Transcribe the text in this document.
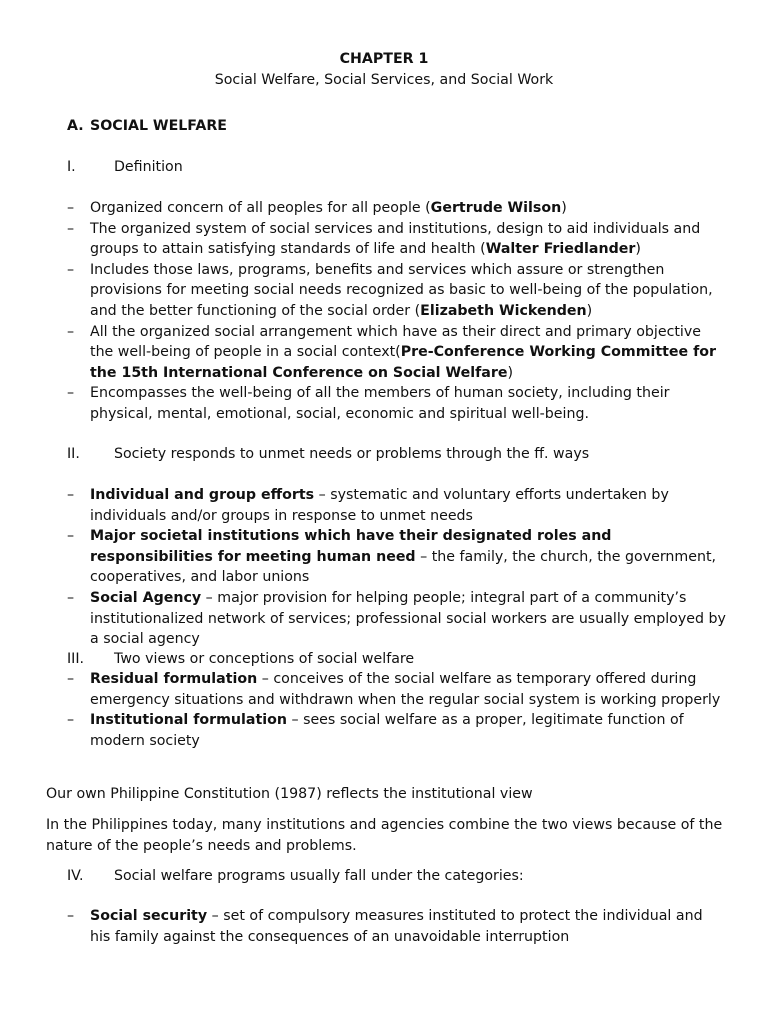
CHAPTER 1
Social Welfare, Social Services, and Social Work
A. SOCIAL WELFARE
I.	Definition
– Organized concern of all peoples for all people (Gertrude Wilson)
– The organized system of social services and institutions, design to aid individuals and groups to attain satisfying standards of life and health (Walter Friedlander)
– Includes those laws, programs, benefits and services which assure or strengthen provisions for meeting social needs recognized as basic to well-being of the population, and the better functioning of the social order (Elizabeth Wickenden)
– All the organized social arrangement which have as their direct and primary objective the well-being of people in a social context(Pre-Conference Working Committee for the 15th International Conference on Social Welfare)
– Encompasses the well-being of all the members of human society, including their physical, mental, emotional, social, economic and spiritual well-being.
II. Society responds to unmet needs or problems through the ff. ways
– Individual and group efforts – systematic and voluntary efforts undertaken by individuals and/or groups in response to unmet needs
– Major societal institutions which have their designated roles and responsibilities for meeting human need – the family, the church, the government, cooperatives, and labor unions
– Social Agency – major provision for helping people; integral part of a community’s institutionalized network of services; professional social workers are usually employed by a social agency
III. Two views or conceptions of social welfare
– Residual formulation – conceives of the social welfare as temporary offered during emergency situations and withdrawn when the regular social system is working properly
– Institutional formulation – sees social welfare as a proper, legitimate function of modern society
Our own Philippine Constitution (1987) reflects the institutional view
In the Philippines today, many institutions and agencies combine the two views because of the nature of the people’s needs and problems.
IV. Social welfare programs usually fall under the categories:
– Social security – set of compulsory measures instituted to protect the individual and his family against the consequences of an unavoidable interruption
